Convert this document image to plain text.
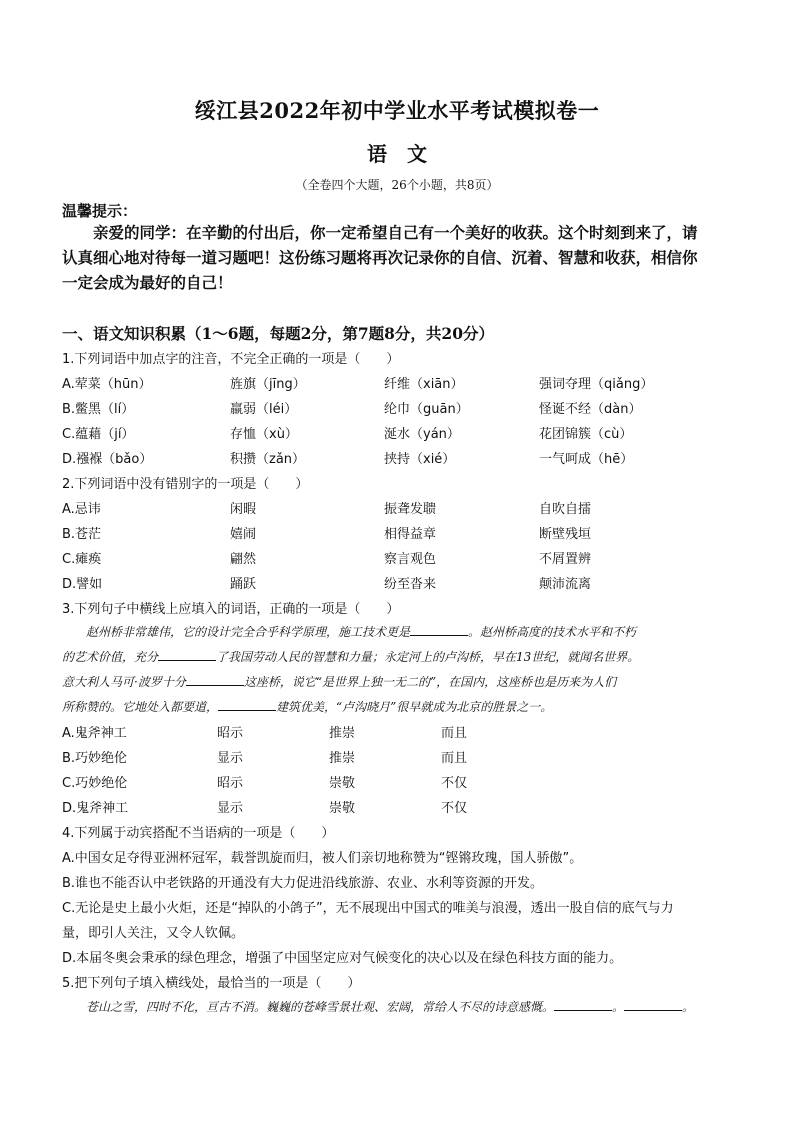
绥江县2022年初中学业水平考试模拟卷一
语　文
（全卷四个大题，26个小题，共8页）
温馨提示：
　　亲爱的同学：在辛勤的付出后，你一定希望自己有一个美好的收获。这个时刻到来了，请
认真细心地对待每一道习题吧！这份练习题将再次记录你的自信、沉着、智慧和收获，相信你
一定会成为最好的自己！
一、语文知识积累（1～6题，每题2分，第7题8分，共20分）
1.下列词语中加点字的注音，不完全正确的一项是（　　）
A.荤菜（hūn）	旌旗（jīng）	纤维（xiān）	强词夺理（qiǎng）
B.鳖黑（lí）	羸弱（léi）	纶巾（guān）	怪诞不经（dàn）
C.蕴藉（jí）	存恤（xù）	涎水（yán）	花团锦簇（cù）
D.襁褓（bǎo）	积攒（zǎn）	挟持（xié）	一气呵成（hē）
2.下列词语中没有错别字的一项是（　　）
A.忌讳	闲暇	振聋发聩	自吹自擂
B.苍茫	嬉闹	相得益章	断壁残垣
C.瘫痪	翩然	察言观色	不屑置辨
D.譬如	踊跃	纷至沓来	颠沛流离
3.下列句子中横线上应填入的词语，正确的一项是（　　）
　　赵州桥非常雄伟，它的设计完全合乎科学原理，施工技术更是	。赵州桥高度的技术水平和不朽
的艺术价值，充分	了我国劳动人民的智慧和力量；永定河上的卢沟桥，早在13世纪，就闻名世界。
意大利人马可·波罗十分	这座桥，说它“是世界上独一无二的”，在国内，这座桥也是历来为人们
所称赞的。它地处入都要道，	建筑优美，“卢沟晓月”很早就成为北京的胜景之一。
A.鬼斧神工	昭示	推崇	而且
B.巧妙绝伦	显示	推崇	而且
C.巧妙绝伦	昭示	崇敬	不仅
D.鬼斧神工	显示	崇敬	不仅
4.下列属于动宾搭配不当语病的一项是（　　）
A.中国女足夺得亚洲杯冠军，载誉凯旋而归，被人们亲切地称赞为“铿锵玫瑰，国人骄傲”。
B.谁也不能否认中老铁路的开通没有大力促进沿线旅游、农业、水利等资源的开发。
C.无论是史上最小火炬，还是“掉队的小鸽子”，无不展现出中国式的唯美与浪漫，透出一股自信的底气与力
量，即引人关注，又令人钦佩。
D.本届冬奥会秉承的绿色理念，增强了中国坚定应对气候变化的决心以及在绿色科技方面的能力。
5.把下列句子填入横线处，最恰当的一项是（　　）
　　苍山之雪，四时不化，亘古不消。巍巍的苍峰雪景壮观、宏阔，常给人不尽的诗意感慨。	。	。
